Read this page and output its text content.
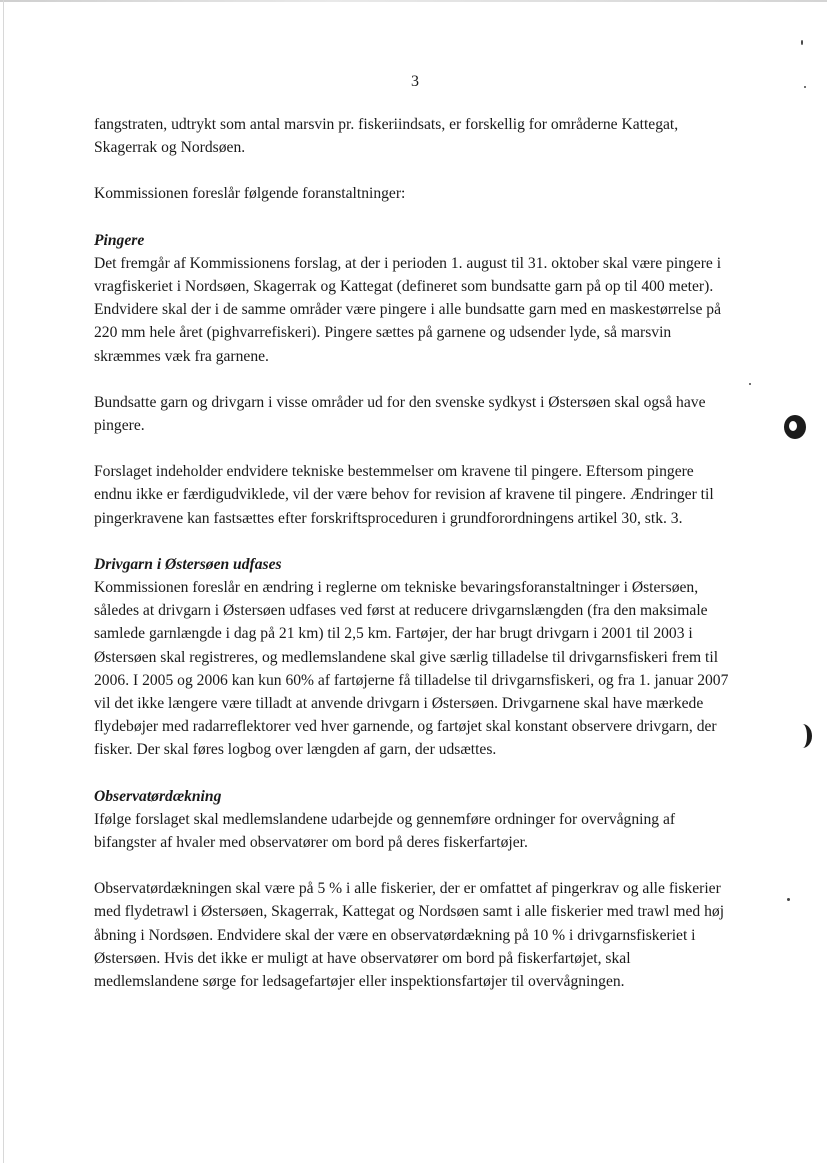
3

fangstraten, udtrykt som antal marsvin pr. fiskeriindsats, er forskellig for områderne Kattegat, Skagerrak og Nordsøen.

Kommissionen foreslår følgende foranstaltninger:

Pingere
Det fremgår af Kommissionens forslag, at der i perioden 1. august til 31. oktober skal være pingere i vragfiskeriet i Nordsøen, Skagerrak og Kattegat (defineret som bundsatte garn på op til 400 meter). Endvidere skal der i de samme områder være pingere i alle bundsatte garn med en maskestørrelse på 220 mm hele året (pighvarrefiskeri). Pingere sættes på garnene og udsender lyde, så marsvin skræmmes væk fra garnene.

Bundsatte garn og drivgarn i visse områder ud for den svenske sydkyst i Østersøen skal også have pingere.

Forslaget indeholder endvidere tekniske bestemmelser om kravene til pingere. Eftersom pingere endnu ikke er færdigudviklede, vil der være behov for revision af kravene til pingere. Ændringer til pingerkravene kan fastsættes efter forskriftsproceduren i grundforordningens artikel 30, stk. 3.

Drivgarn i Østersøen udfases
Kommissionen foreslår en ændring i reglerne om tekniske bevaringsforanstaltninger i Østersøen, således at drivgarn i Østersøen udfases ved først at reducere drivgarnslængden (fra den maksimale samlede garnlængde i dag på 21 km) til 2,5 km. Fartøjer, der har brugt drivgarn i 2001 til 2003 i Østersøen skal registreres, og medlemslandene skal give særlig tilladelse til drivgarnsfiskeri frem til 2006. I 2005 og 2006 kan kun 60% af fartøjerne få tilladelse til drivgarnsfiskeri, og fra 1. januar 2007 vil det ikke længere være tilladt at anvende drivgarn i Østersøen. Drivgarnene skal have mærkede flydebøjer med radarreflektorer ved hver garnende, og fartøjet skal konstant observere drivgarn, der fisker. Der skal føres logbog over længden af garn, der udsættes.
Observatørdækning
Ifølge forslaget skal medlemslandene udarbejde og gennemføre ordninger for overvågning af bifangster af hvaler med observatører om bord på deres fiskerfartøjer.

Observatørdækningen skal være på 5 % i alle fiskerier, der er omfattet af pingerkrav og alle fiskerier med flydetrawl i Østersøen, Skagerrak, Kattegat og Nordsøen samt i alle fiskerier med trawl med høj åbning i Nordsøen. Endvidere skal der være en observatørdækning på 10 % i drivgarnsfiskeriet i Østersøen. Hvis det ikke er muligt at have observatører om bord på fiskerfartøjet, skal medlemslandene sørge for ledsagefartøjer eller inspektionsfartøjer til overvågningen.
